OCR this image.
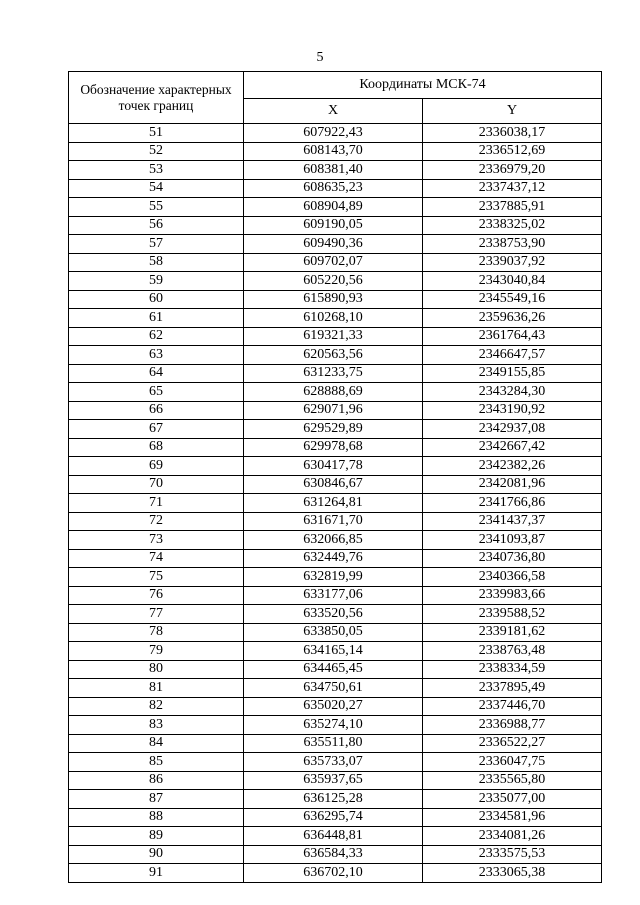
5
Обозначение характерных точек границ	Координаты МСК-74	
	X	Y
51	607922,43	2336038,17
52	608143,70	2336512,69
53	608381,40	2336979,20
54	608635,23	2337437,12
55	608904,89	2337885,91
56	609190,05	2338325,02
57	609490,36	2338753,90
58	609702,07	2339037,92
59	605220,56	2343040,84
60	615890,93	2345549,16
61	610268,10	2359636,26
62	619321,33	2361764,43
63	620563,56	2346647,57
64	631233,75	2349155,85
65	628888,69	2343284,30
66	629071,96	2343190,92
67	629529,89	2342937,08
68	629978,68	2342667,42
69	630417,78	2342382,26
70	630846,67	2342081,96
71	631264,81	2341766,86
72	631671,70	2341437,37
73	632066,85	2341093,87
74	632449,76	2340736,80
75	632819,99	2340366,58
76	633177,06	2339983,66
77	633520,56	2339588,52
78	633850,05	2339181,62
79	634165,14	2338763,48
80	634465,45	2338334,59
81	634750,61	2337895,49
82	635020,27	2337446,70
83	635274,10	2336988,77
84	635511,80	2336522,27
85	635733,07	2336047,75
86	635937,65	2335565,80
87	636125,28	2335077,00
88	636295,74	2334581,96
89	636448,81	2334081,26
90	636584,33	2333575,53
91	636702,10	2333065,38
